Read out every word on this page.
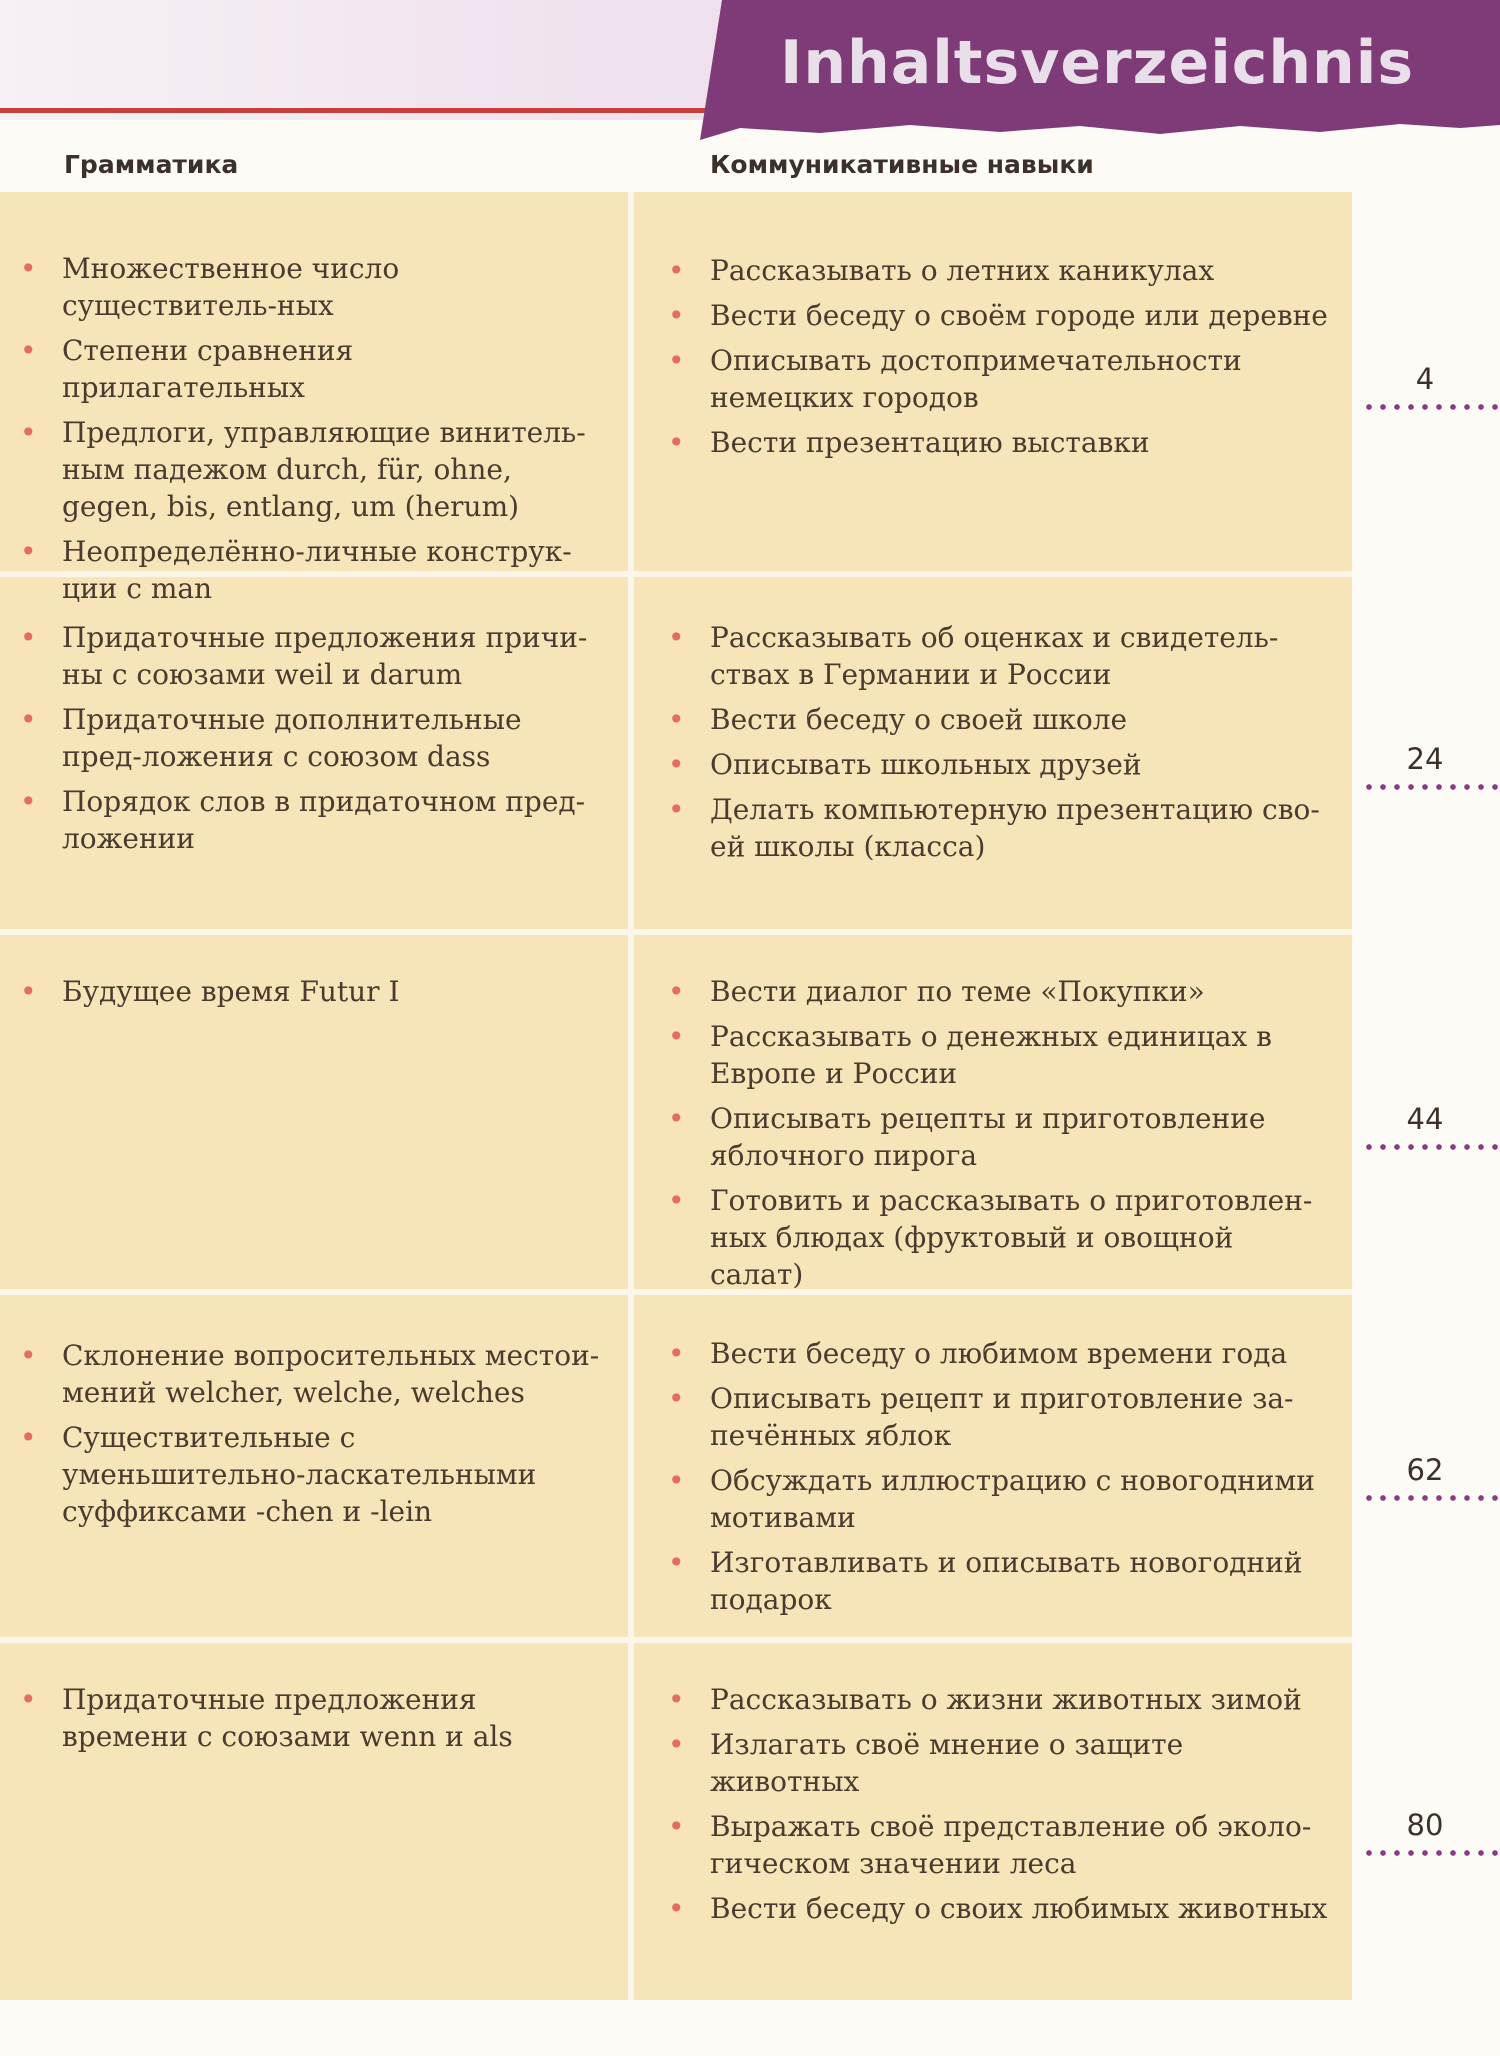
Inhaltsverzeichnis
Грамматика	Коммуникативные навыки
• Множественное число существитель-ных
• Степени сравнения прилагательных
• Предлоги, управляющие винитель-ным падежом durch, für, ohne, gegen, bis, entlang, um (herum)
• Неопределённо-личные конструк-ции с man
• Рассказывать о летних каникулах
• Вести беседу о своём городе или деревне
• Описывать достопримечательности немецких городов
• Вести презентацию выставки
• Придаточные предложения причи-ны с союзами weil и darum
• Придаточные дополнительные пред-ложения с союзом dass
• Порядок слов в придаточном пред-ложении
• Рассказывать об оценках и свидетель-ствах в Германии и России
• Вести беседу о своей школе
• Описывать школьных друзей
• Делать компьютерную презентацию сво-ей школы (класса)
• Будущее время Futur I	• Вести диалог по теме «Покупки»
• Рассказывать о денежных единицах в Европе и России
• Описывать рецепты и приготовление яблочного пирога
• Готовить и рассказывать о приготовлен-ных блюдах (фруктовый и овощной салат)
• Склонение вопросительных местои-мений welcher, welche, welches
• Существительные с уменьшительно-ласкательными суффиксами -chen и -lein
• Вести беседу о любимом времени года
• Описывать рецепт и приготовление за-печённых яблок
• Обсуждать иллюстрацию с новогодними мотивами
• Изготавливать и описывать новогодний подарок
• Придаточные предложения времени с союзами wenn и als
• Рассказывать о жизни животных зимой
• Излагать своё мнение о защите животных
• Выражать своё представление об эколо-гическом значении леса
• Вести беседу о своих любимых животных
4
24
44
62
80
